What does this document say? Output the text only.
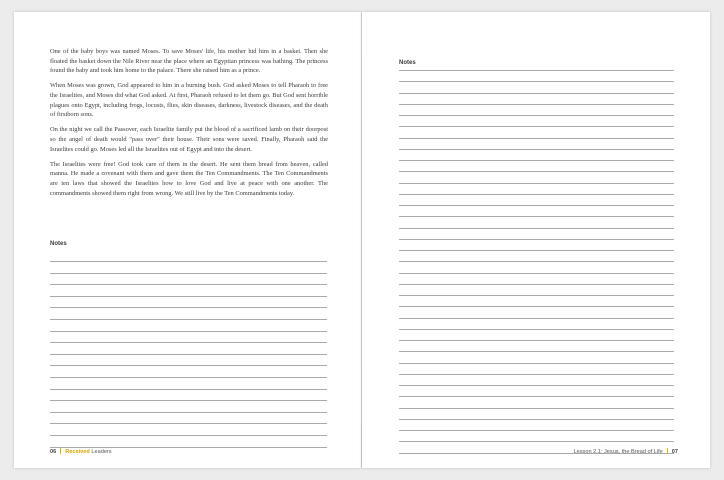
One of the baby boys was named Moses. To save Moses' life, his mother hid him in a basket. Then she floated the basket down the Nile River near the place where an Egyptian princess was bathing. The princess found the baby and took him home to the palace. There she raised him as a prince.

When Moses was grown, God appeared to him in a burning bush. God asked Moses to tell Pharaoh to free the Israelites, and Moses did what God asked. At first, Pharaoh refused to let them go. But God sent horrible plagues onto Egypt, including frogs, locusts, flies, skin diseases, darkness, livestock diseases, and the death of firstborn sons.

On the night we call the Passover, each Israelite family put the blood of a sacrificed lamb on their doorpost so the angel of death would "pass over" their house. Their sons were saved. Finally, Pharaoh said the Israelites could go. Moses led all the Israelites out of Egypt and into the desert.

The Israelites were free! God took care of them in the desert. He sent them bread from heaven, called manna. He made a covenant with them and gave them the Ten Commandments. The Ten Commandments are ten laws that showed the Israelites how to love God and live at peace with one another. The commandments showed them right from wrong. We still live by the Ten Commandments today.

Notes
06 Received Leaders
Notes
Lesson 2.1: Jesus, the Bread of Life 07
